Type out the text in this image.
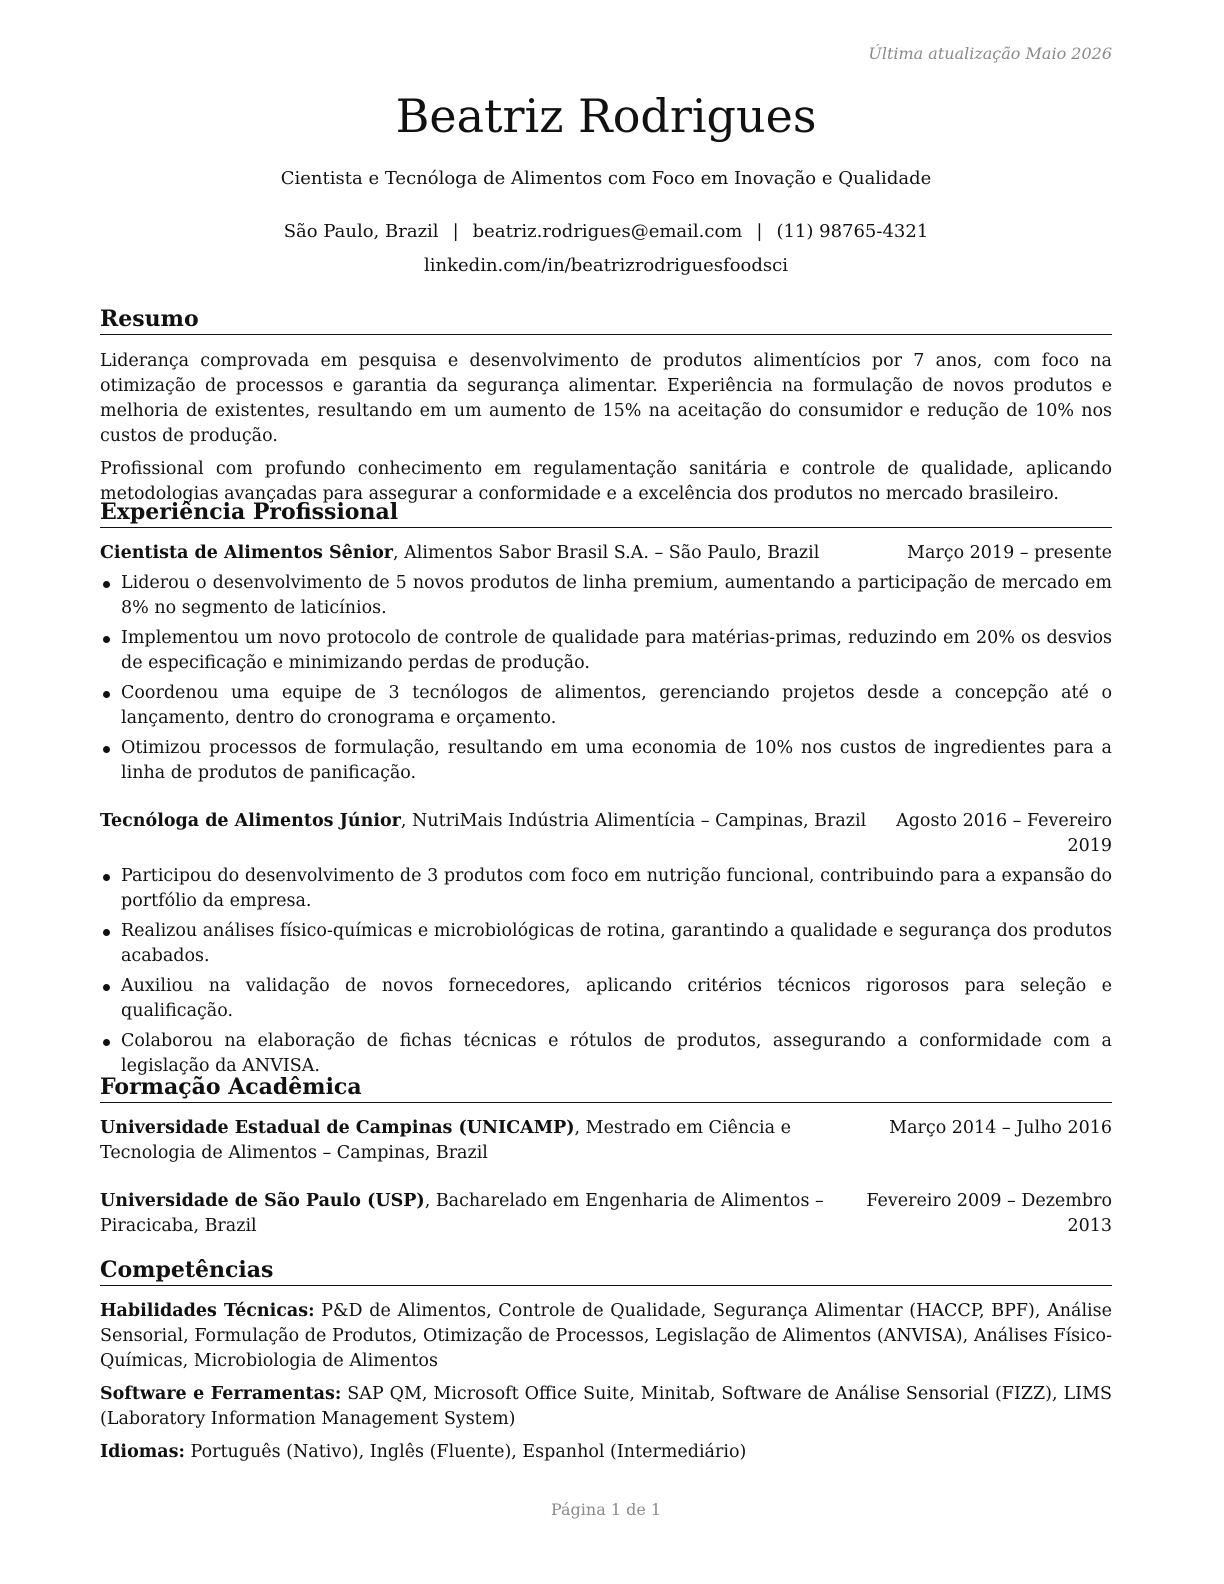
Última atualização Maio 2026
Beatriz Rodrigues
Cientista e Tecnóloga de Alimentos com Foco em Inovação e Qualidade
São Paulo, Brazil | beatriz.rodrigues@email.com | (11) 98765-4321
linkedin.com/in/beatrizrodriguesfoodsci
Resumo

Liderança comprovada em pesquisa e desenvolvimento de produtos alimentícios por 7 anos, com foco na otimização de processos e garantia da segurança alimentar. Experiência na formulação de novos produtos e melhoria de existentes, resultando em um aumento de 15% na aceitação do consumidor e redução de 10% nos custos de produção.

Profissional com profundo conhecimento em regulamentação sanitária e controle de qualidade, aplicando metodologias avançadas para assegurar a conformidade e a excelência dos produtos no mercado brasileiro.

Experiência Profissional
Cientista de Alimentos Sênior, Alimentos Sabor Brasil S.A. – São Paulo, Brazil	Março 2019 – presente
Liderou o desenvolvimento de 5 novos produtos de linha premium, aumentando a participação de mercado em 8% no segmento de laticínios.
Implementou um novo protocolo de controle de qualidade para matérias-primas, reduzindo em 20% os desvios de especificação e minimizando perdas de produção.
Coordenou uma equipe de 3 tecnólogos de alimentos, gerenciando projetos desde a concepção até o lançamento, dentro do cronograma e orçamento.
Otimizou processos de formulação, resultando em uma economia de 10% nos custos de ingredientes para a linha de produtos de panificação.
Tecnóloga de Alimentos Júnior, NutriMais Indústria Alimentícia – Campinas, Brazil	Agosto 2016 – Fevereiro 2019
Participou do desenvolvimento de 3 produtos com foco em nutrição funcional, contribuindo para a expansão do portfólio da empresa.
Realizou análises físico-químicas e microbiológicas de rotina, garantindo a qualidade e segurança dos produtos acabados.
Auxiliou na validação de novos fornecedores, aplicando critérios técnicos rigorosos para seleção e qualificação.
Colaborou na elaboração de fichas técnicas e rótulos de produtos, assegurando a conformidade com a legislação da ANVISA.
Formação Acadêmica
Universidade Estadual de Campinas (UNICAMP), Mestrado em Ciência e Tecnologia de Alimentos – Campinas, Brazil
Março 2014 – Julho 2016
Universidade de São Paulo (USP), Bacharelado em Engenharia de Alimentos – Piracicaba, Brazil
Fevereiro 2009 – Dezembro 2013
Competências

Habilidades Técnicas: P&D de Alimentos, Controle de Qualidade, Segurança Alimentar (HACCP, BPF), Análise Sensorial, Formulação de Produtos, Otimização de Processos, Legislação de Alimentos (ANVISA), Análises Físico-Químicas, Microbiologia de Alimentos

Software e Ferramentas: SAP QM, Microsoft Office Suite, Minitab, Software de Análise Sensorial (FIZZ), LIMS (Laboratory Information Management System)

Idiomas: Português (Nativo), Inglês (Fluente), Espanhol (Intermediário)

Página 1 de 1
